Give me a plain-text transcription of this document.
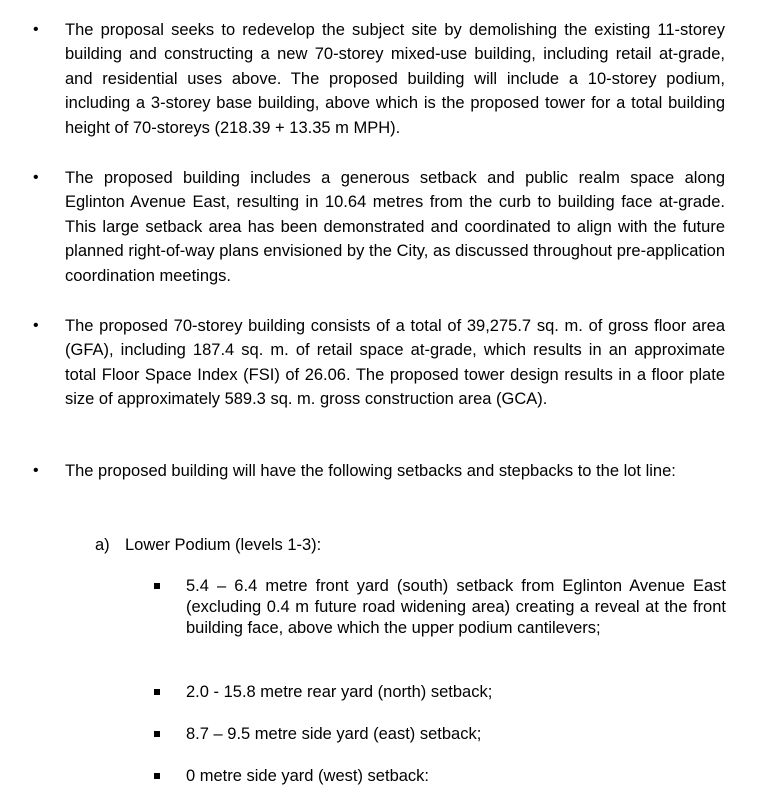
• The proposal seeks to redevelop the subject site by demolishing the existing 11-storey building and constructing a new 70-storey mixed-use building, including retail at-grade, and residential uses above. The proposed building will include a 10-storey podium, including a 3-storey base building, above which is the proposed tower for a total building height of 70-storeys (218.39 + 13.35 m MPH).
• The proposed building includes a generous setback and public realm space along Eglinton Avenue East, resulting in 10.64 metres from the curb to building face at-grade. This large setback area has been demonstrated and coordinated to align with the future planned right-of-way plans envisioned by the City, as discussed throughout pre-application coordination meetings.
• The proposed 70-storey building consists of a total of 39,275.7 sq. m. of gross floor area (GFA), including 187.4 sq. m. of retail space at-grade, which results in an approximate total Floor Space Index (FSI) of 26.06. The proposed tower design results in a floor plate size of approximately 589.3 sq. m. gross construction area (GCA).
• The proposed building will have the following setbacks and stepbacks to the lot line:
a) Lower Podium (levels 1-3):
5.4 – 6.4 metre front yard (south) setback from Eglinton Avenue East (excluding 0.4 m future road widening area) creating a reveal at the front building face, above which the upper podium cantilevers;
2.0 - 15.8 metre rear yard (north) setback;
8.7 – 9.5 metre side yard (east) setback;
0 metre side yard (west) setback:
